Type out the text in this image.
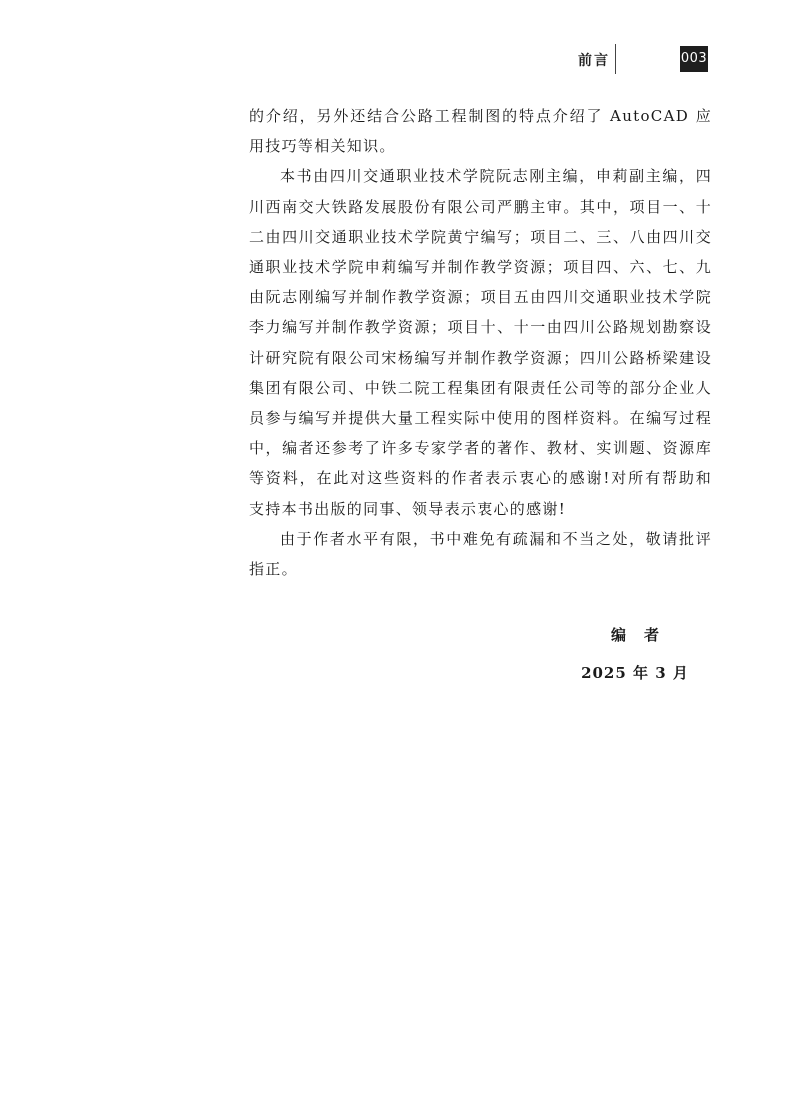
前言	003

的介绍，另外还结合公路工程制图的特点介绍了 AutoCAD 应用技巧等相关知识。

本书由四川交通职业技术学院阮志刚主编，申莉副主编，四川西南交大铁路发展股份有限公司严鹏主审。其中，项目一、十二由四川交通职业技术学院黄宁编写；项目二、三、八由四川交通职业技术学院申莉编写并制作教学资源；项目四、六、七、九由阮志刚编写并制作教学资源；项目五由四川交通职业技术学院李力编写并制作教学资源；项目十、十一由四川公路规划勘察设计研究院有限公司宋杨编写并制作教学资源；四川公路桥梁建设集团有限公司、中铁二院工程集团有限责任公司等的部分企业人员参与编写并提供大量工程实际中使用的图样资料。在编写过程中，编者还参考了许多专家学者的著作、教材、实训题、资源库等资料，在此对这些资料的作者表示衷心的感谢!对所有帮助和支持本书出版的同事、领导表示衷心的感谢!

由于作者水平有限，书中难免有疏漏和不当之处，敬请批评指正。

编者
2025 年 3 月
